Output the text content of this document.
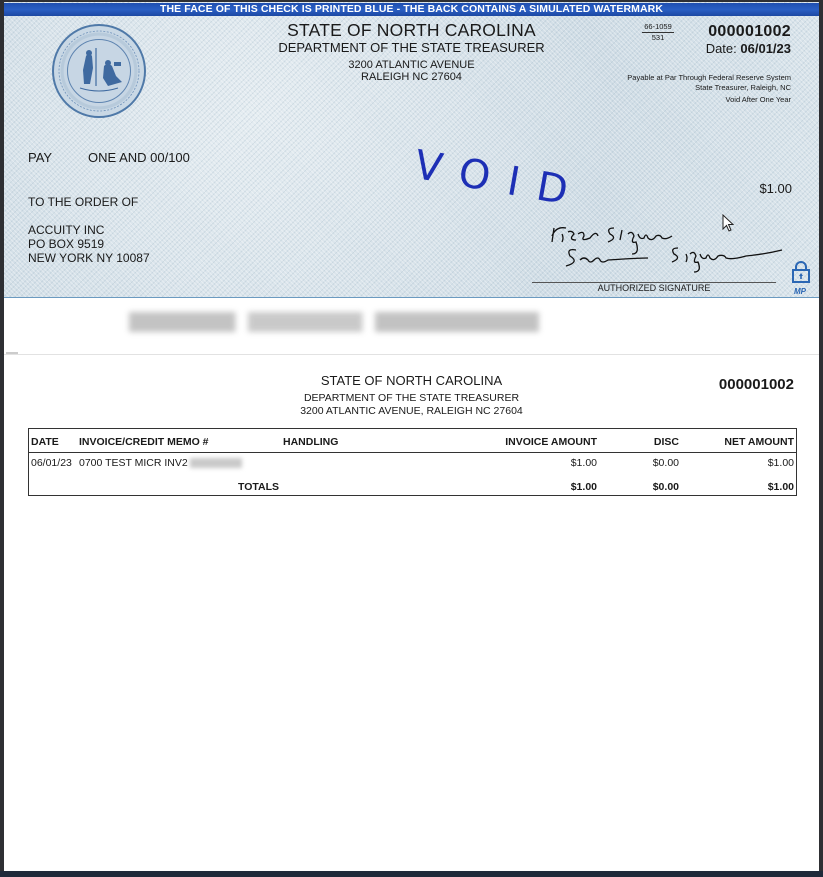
THE FACE OF THIS CHECK IS PRINTED BLUE - THE BACK CONTAINS A SIMULATED WATERMARK
STATE OF NORTH CAROLINA
DEPARTMENT OF THE STATE TREASURER
3200 ATLANTIC AVENUE
RALEIGH NC 27604
66-1059
531	000001002
Date: 06/01/23
Payable at Par Through Federal Reserve System
State Treasurer, Raleigh, NC
Void After One Year
PAY	ONE AND 00/100	VOID	$1.00
TO THE ORDER OF
ACCUITY INC
PO BOX 9519
NEW YORK NY 10087
AUTHORIZED SIGNATURE	MP
STATE OF NORTH CAROLINA
DEPARTMENT OF THE STATE TREASURER
3200 ATLANTIC AVENUE, RALEIGH NC 27604
000001002
DATE	INVOICE/CREDIT MEMO #	HANDLING	INVOICE AMOUNT	DISC	NET AMOUNT
06/01/23	0700 TEST MICR INV2		$1.00	$0.00	$1.00
	TOTALS		$1.00	$0.00	$1.00
